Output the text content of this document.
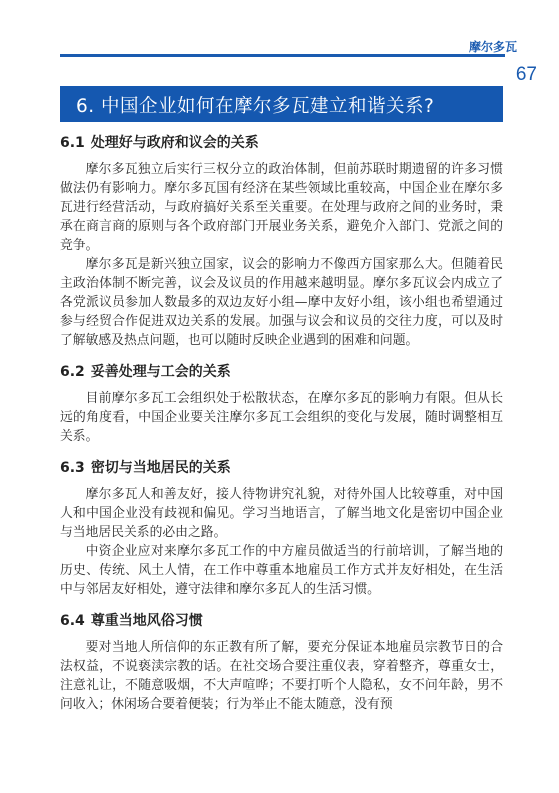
摩尔多瓦
67
6. 中国企业如何在摩尔多瓦建立和谐关系?
6.1 处理好与政府和议会的关系

摩尔多瓦独立后实行三权分立的政治体制，但前苏联时期遗留的许多习惯做法仍有影响力。摩尔多瓦国有经济在某些领域比重较高，中国企业在摩尔多瓦进行经营活动，与政府搞好关系至关重要。在处理与政府之间的业务时，秉承在商言商的原则与各个政府部门开展业务关系，避免介入部门、党派之间的竞争。

摩尔多瓦是新兴独立国家，议会的影响力不像西方国家那么大。但随着民主政治体制不断完善，议会及议员的作用越来越明显。摩尔多瓦议会内成立了各党派议员参加人数最多的双边友好小组—摩中友好小组，该小组也希望通过参与经贸合作促进双边关系的发展。加强与议会和议员的交往力度，可以及时了解敏感及热点问题，也可以随时反映企业遇到的困难和问题。

6.2 妥善处理与工会的关系

目前摩尔多瓦工会组织处于松散状态，在摩尔多瓦的影响力有限。但从长远的角度看，中国企业要关注摩尔多瓦工会组织的变化与发展，随时调整相互关系。

6.3 密切与当地居民的关系

摩尔多瓦人和善友好，接人待物讲究礼貌，对待外国人比较尊重，对中国人和中国企业没有歧视和偏见。学习当地语言，了解当地文化是密切中国企业与当地居民关系的必由之路。

中资企业应对来摩尔多瓦工作的中方雇员做适当的行前培训，了解当地的历史、传统、风土人情，在工作中尊重本地雇员工作方式并友好相处，在生活中与邻居友好相处，遵守法律和摩尔多瓦人的生活习惯。

6.4 尊重当地风俗习惯

要对当地人所信仰的东正教有所了解，要充分保证本地雇员宗教节日的合法权益，不说亵渎宗教的话。在社交场合要注重仪表，穿着整齐，尊重女士，注意礼让，不随意吸烟，不大声喧哗；不要打听个人隐私，女不问年龄，男不问收入；休闲场合要着便装；行为举止不能太随意，没有预
